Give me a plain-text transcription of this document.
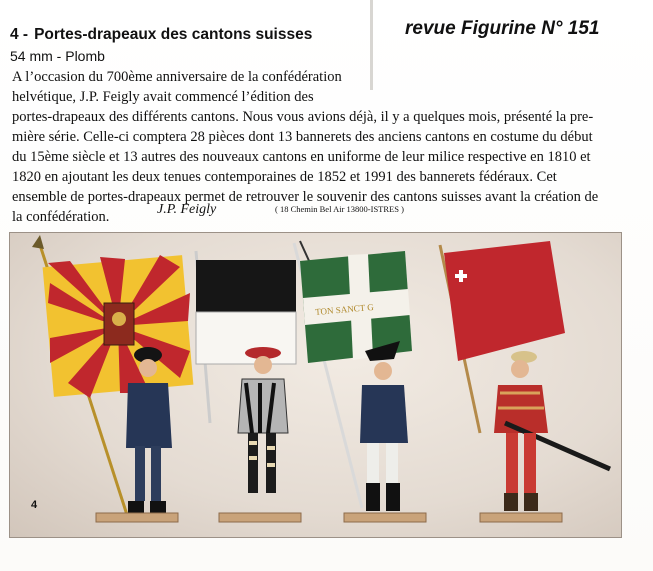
4 - Portes-drapeaux des cantons suisses
54 mm - Plomb
revue Figurine N° 151
A l’occasion du 700ème anniversaire de la confédération
helvétique, J.P. Feigly avait commencé l’édition des
portes-drapeaux des différents cantons. Nous vous avions déjà, il y a quelques mois, présenté la pre-
mière série. Celle-ci comptera 28 pièces dont 13 bannerets des anciens cantons en costume du début
du 15ème siècle et 13 autres des nouveaux cantons en uniforme de leur milice respective en 1810 et
1820 en ajoutant les deux tenues contemporaines de 1852 et 1991 des bannerets fédéraux. Cet
ensemble de portes-drapeaux permet de retrouver le souvenir des cantons suisses avant la création de
la confédération.	J.P. Feigly	( 18 Chemin Bel Air 13800-ISTRES )
TON SANCT G
4
